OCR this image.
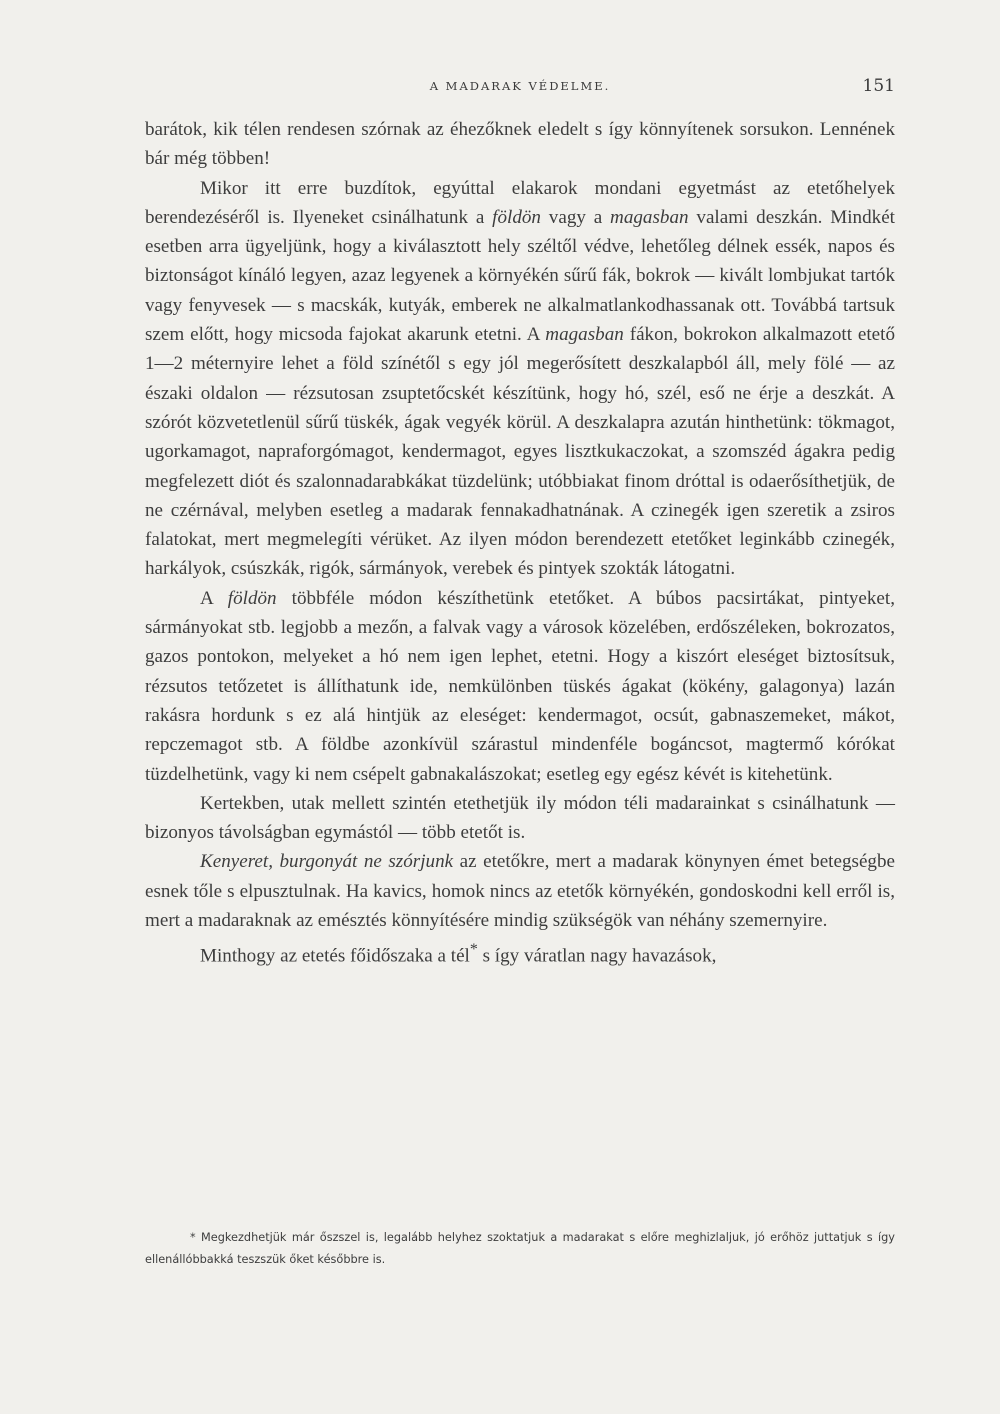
A MADARAK VÉDELME.	151

barátok, kik télen rendesen szórnak az éhezőknek eledelt s így könnyítenek sorsukon. Lennének bár még többen!

Mikor itt erre buzdítok, egyúttal elakarok mondani egyetmást az etetőhelyek berendezéséről is. Ilyeneket csinálhatunk a földön vagy a magasban valami deszkán. Mindkét esetben arra ügyeljünk, hogy a kiválasztott hely széltől védve, lehetőleg délnek essék, napos és biztonságot kínáló legyen, azaz legyenek a környékén sűrű fák, bokrok — kivált lombjukat tartók vagy fenyvesek — s macskák, kutyák, emberek ne alkalmatlankodhassanak ott. Továbbá tartsuk szem előtt, hogy micsoda fajokat akarunk etetni. A magasban fákon, bokrokon alkalmazott etető 1—2 méternyire lehet a föld színétől s egy jól megerősített deszkalapból áll, mely fölé — az északi oldalon — rézsutosan zsuptetőcskét készítünk, hogy hó, szél, eső ne érje a deszkát. A szórót közvetetlenül sűrű tüskék, ágak vegyék körül. A deszkalapra azután hinthetünk: tökmagot, ugorkamagot, napraforgómagot, kendermagot, egyes lisztkukaczokat, a szomszéd ágakra pedig megfelezett diót és szalonnadarabkákat tüzdelünk; utóbbiakat finom dróttal is odaerősíthetjük, de ne czérnával, melyben esetleg a madarak fennakadhatnának. A czinegék igen szeretik a zsiros falatokat, mert megmelegíti vérüket. Az ilyen módon berendezett etetőket leginkább czinegék, harkályok, csúszkák, rigók, sármányok, verebek és pintyek szokták látogatni.

A földön többféle módon készíthetünk etetőket. A búbos pacsirtákat, pintyeket, sármányokat stb. legjobb a mezőn, a falvak vagy a városok közelében, erdőszéleken, bokrozatos, gazos pontokon, melyeket a hó nem igen lephet, etetni. Hogy a kiszórt eleséget biztosítsuk, rézsutos tetőzetet is állíthatunk ide, nemkülönben tüskés ágakat (kökény, galagonya) lazán rakásra hordunk s ez alá hintjük az eleséget: kendermagot, ocsút, gabnaszemeket, mákot, repczemagot stb. A földbe azonkívül szárastul mindenféle bogáncsot, magtermő kórókat tüzdelhetünk, vagy ki nem csépelt gabnakalászokat; esetleg egy egész kévét is kitehetünk.

Kertekben, utak mellett szintén etethetjük ily módon téli madarainkat s csinálhatunk — bizonyos távolságban egymástól — több etetőt is.

Kenyeret, burgonyát ne szórjunk az etetőkre, mert a madarak könynyen émet betegségbe esnek tőle s elpusztulnak. Ha kavics, homok nincs az etetők környékén, gondoskodni kell erről is, mert a madaraknak az emésztés könnyítésére mindig szükségök van néhány szemernyire.

Minthogy az etetés főidőszaka a tél* s így váratlan nagy havazások,

* Megkezdhetjük már őszszel is, legalább helyhez szoktatjuk a madarakat s előre meghizlaljuk, jó erőhöz juttatjuk s így ellenállóbbakká teszszük őket későbbre is.
